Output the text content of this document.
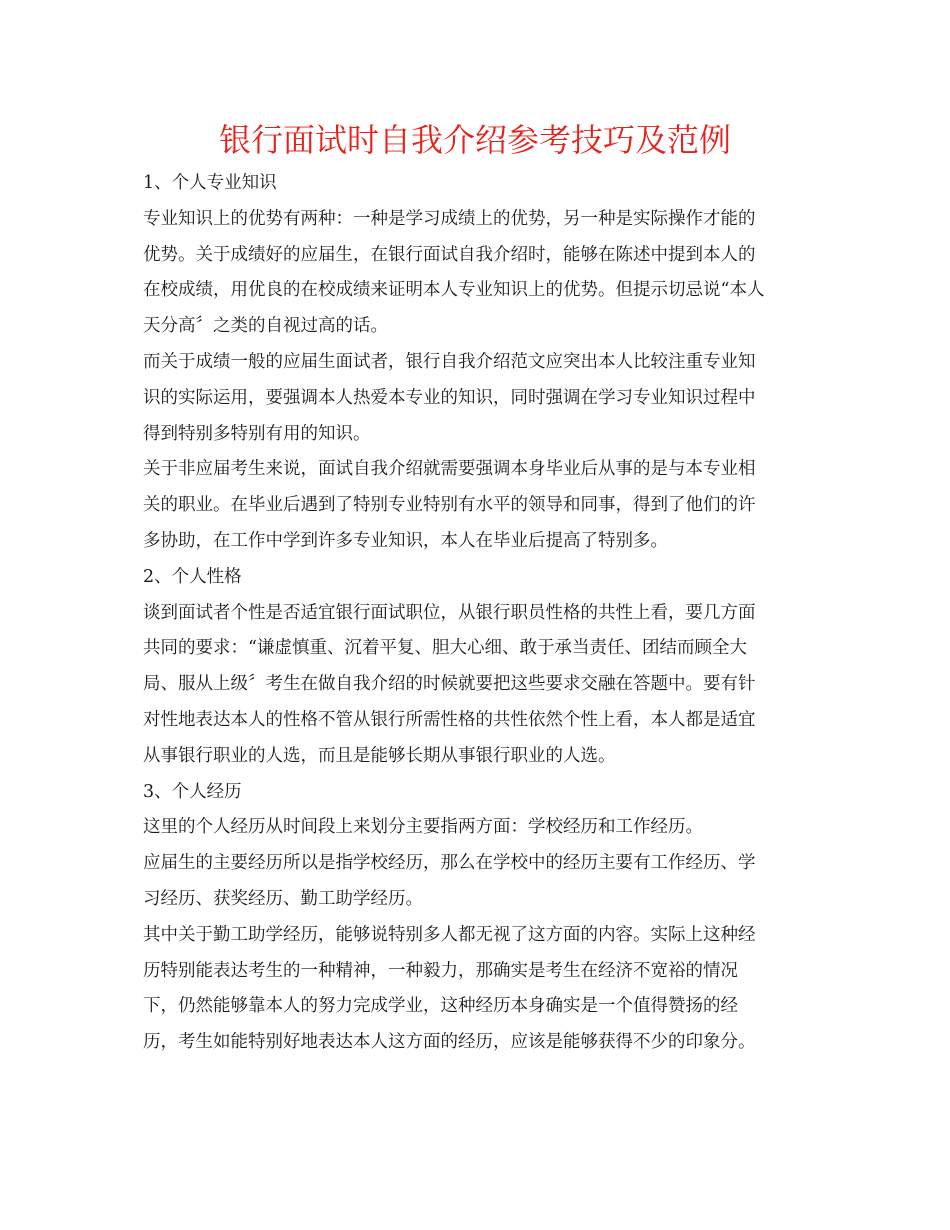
银行面试时自我介绍参考技巧及范例
1、个人专业知识
专业知识上的优势有两种：一种是学习成绩上的优势，另一种是实际操作才能的
优势。关于成绩好的应届生，在银行面试自我介绍时，能够在陈述中提到本人的
在校成绩，用优良的在校成绩来证明本人专业知识上的优势。但提示切忌说“本人
天分高〞之类的自视过高的话。
而关于成绩一般的应届生面试者，银行自我介绍范文应突出本人比较注重专业知
识的实际运用，要强调本人热爱本专业的知识，同时强调在学习专业知识过程中
得到特别多特别有用的知识。
关于非应届考生来说，面试自我介绍就需要强调本身毕业后从事的是与本专业相
关的职业。在毕业后遇到了特别专业特别有水平的领导和同事，得到了他们的许
多协助，在工作中学到许多专业知识，本人在毕业后提高了特别多。
2、个人性格
谈到面试者个性是否适宜银行面试职位，从银行职员性格的共性上看，要几方面
共同的要求：“谦虚慎重、沉着平复、胆大心细、敢于承当责任、团结而顾全大
局、服从上级〞考生在做自我介绍的时候就要把这些要求交融在答题中。要有针
对性地表达本人的性格不管从银行所需性格的共性依然个性上看，本人都是适宜
从事银行职业的人选，而且是能够长期从事银行职业的人选。
3、个人经历
这里的个人经历从时间段上来划分主要指两方面：学校经历和工作经历。
应届生的主要经历所以是指学校经历，那么在学校中的经历主要有工作经历、学
习经历、获奖经历、勤工助学经历。
其中关于勤工助学经历，能够说特别多人都无视了这方面的内容。实际上这种经
历特别能表达考生的一种精神，一种毅力，那确实是考生在经济不宽裕的情况
下，仍然能够靠本人的努力完成学业，这种经历本身确实是一个值得赞扬的经
历，考生如能特别好地表达本人这方面的经历，应该是能够获得不少的印象分。
